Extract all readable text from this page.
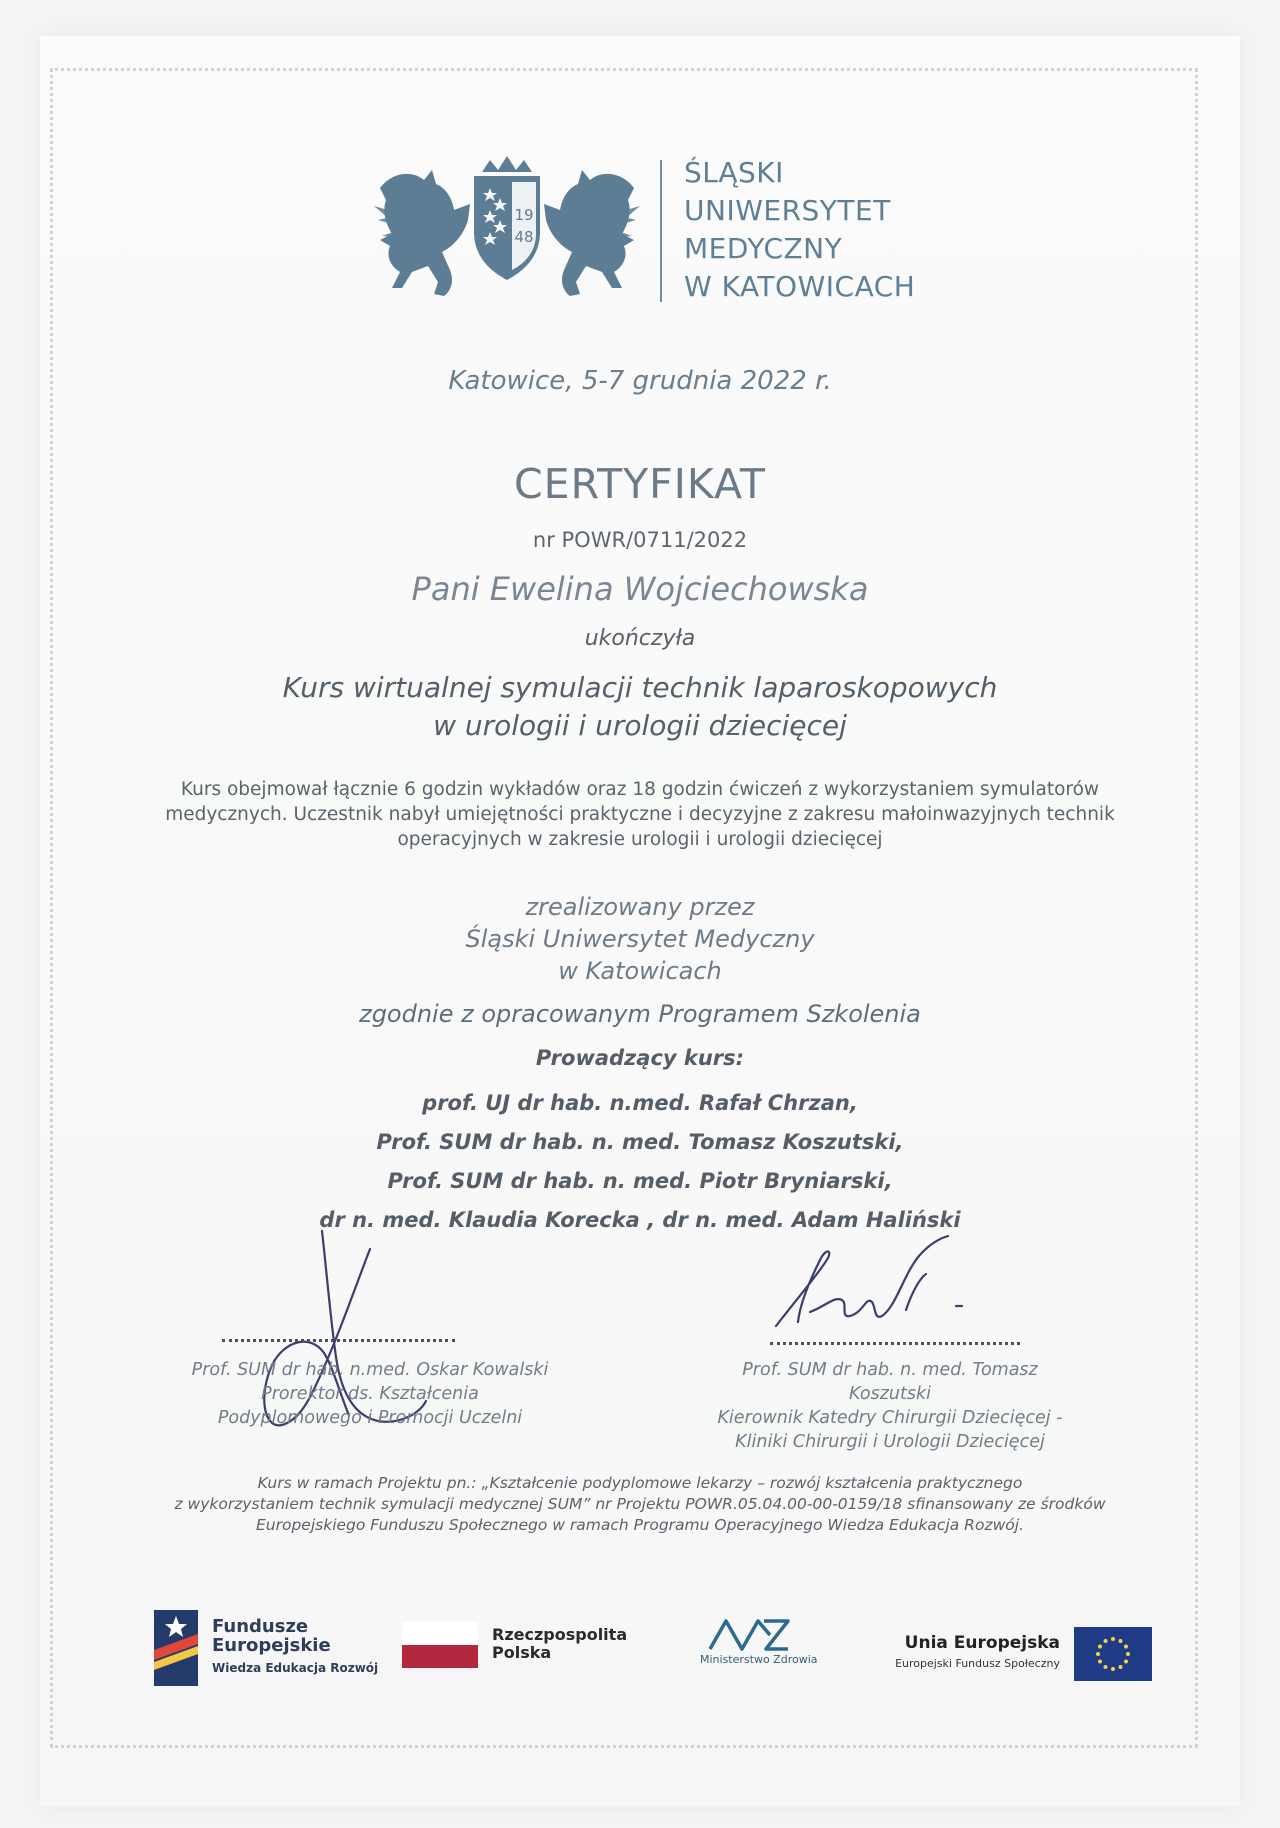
19
48
ŚLĄSKI
UNIWERSYTET
MEDYCZNY
W KATOWICACH
Katowice, 5-7 grudnia 2022 r.
CERTYFIKAT
nr POWR/0711/2022
Pani Ewelina Wojciechowska
ukończyła
Kurs wirtualnej symulacji technik laparoskopowych
w urologii i urologii dziecięcej
Kurs obejmował łącznie 6 godzin wykładów oraz 18 godzin ćwiczeń z wykorzystaniem symulatorów medycznych. Uczestnik nabył umiejętności praktyczne i decyzyjne z zakresu małoinwazyjnych technik operacyjnych w zakresie urologii i urologii dziecięcej
zrealizowany przez
Śląski Uniwersytet Medyczny
w Katowicach
zgodnie z opracowanym Programem Szkolenia
Prowadzący kurs:
prof. UJ dr hab. n.med. Rafał Chrzan,
Prof. SUM dr hab. n. med. Tomasz Koszutski,
Prof. SUM dr hab. n. med. Piotr Bryniarski,
dr n. med. Klaudia Korecka , dr n. med. Adam Haliński
Prof. SUM dr hab. n.med. Oskar Kowalski
Prorektor ds. Kształcenia
Podyplomowego i Promocji Uczelni
Prof. SUM dr hab. n. med. Tomasz Koszutski
Kierownik Katedry Chirurgii Dziecięcej -
Kliniki Chirurgii i Urologii Dziecięcej
Kurs w ramach Projektu pn.: „Kształcenie podyplomowe lekarzy – rozwój kształcenia praktycznego
z wykorzystaniem technik symulacji medycznej SUM” nr Projektu POWR.05.04.00-00-0159/18 sfinansowany ze środków
Europejskiego Funduszu Społecznego w ramach Programu Operacyjnego Wiedza Edukacja Rozwój.
Fundusze
Europejskie
Wiedza Edukacja Rozwój
Rzeczpospolita
Polska	Ministerstwo Zdrowia
Unia Europejska
Europejski Fundusz Społeczny
